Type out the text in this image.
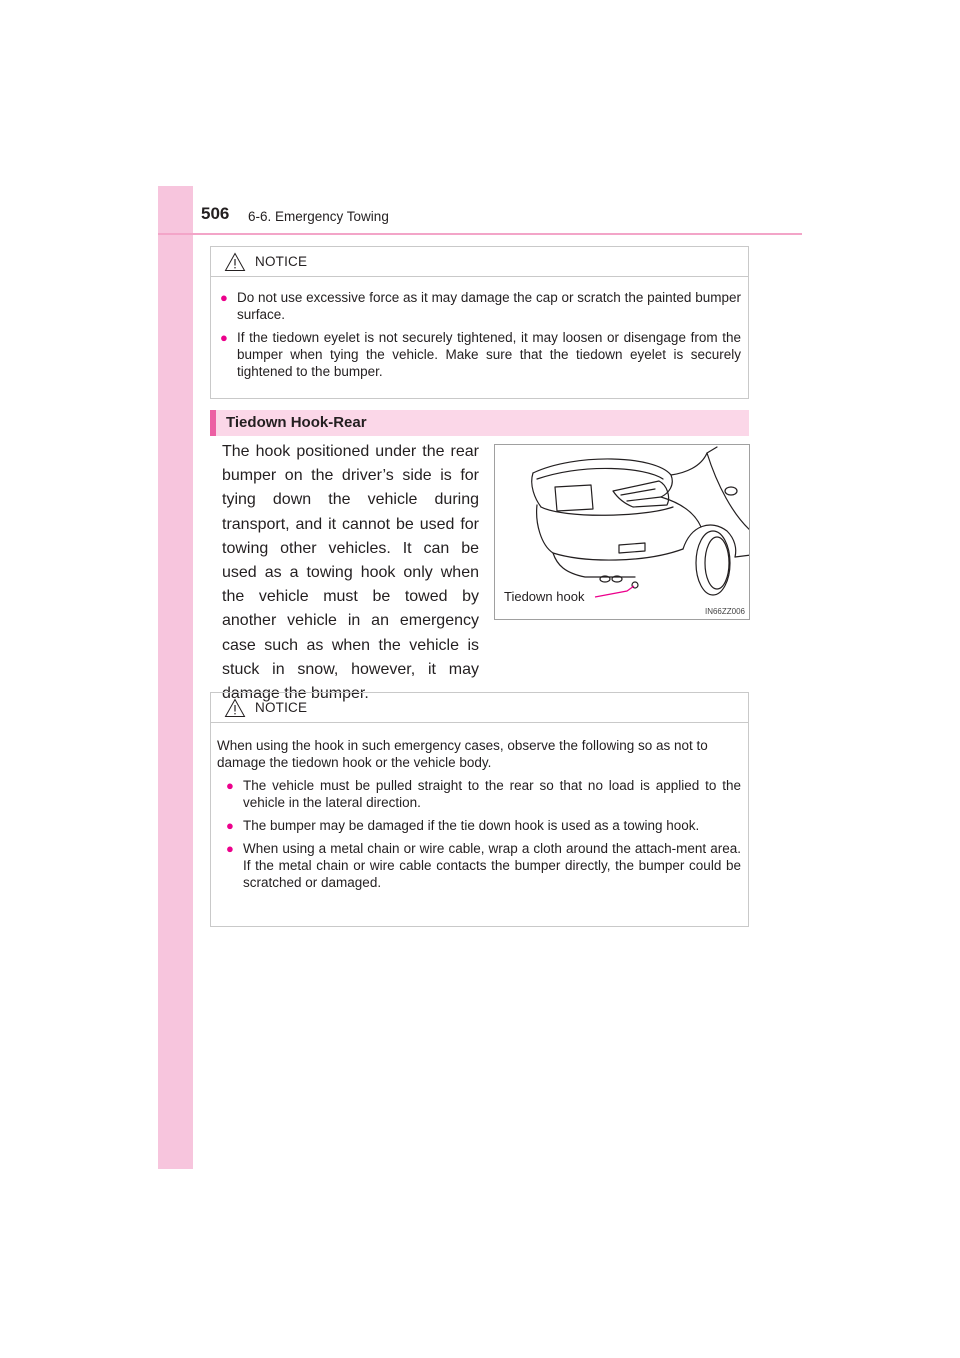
506 6-6. Emergency Towing
NOTICE
● Do not use excessive force as it may damage the cap or scratch the painted bumper surface.
● If the tiedown eyelet is not securely tightened, it may loosen or disengage from the bumper when tying the vehicle. Make sure that the tiedown eyelet is securely tightened to the bumper.
Tiedown Hook-Rear
The hook positioned under the rear bumper on the driver’s side is for tying down the vehicle during transport, and it cannot be used for towing other vehicles. It can be used as a towing hook only when the vehicle must be towed by another vehicle in an emergency case such as when the vehicle is stuck in snow, however, it may damage the bumper.
Tiedown hook
IN66ZZ006
NOTICE
When using the hook in such emergency cases, observe the following so as not to damage the tiedown hook or the vehicle body.
● The vehicle must be pulled straight to the rear so that no load is applied to the vehicle in the lateral direction.
● The bumper may be damaged if the tie down hook is used as a towing hook.
● When using a metal chain or wire cable, wrap a cloth around the attach-ment area. If the metal chain or wire cable contacts the bumper directly, the bumper could be scratched or damaged.
